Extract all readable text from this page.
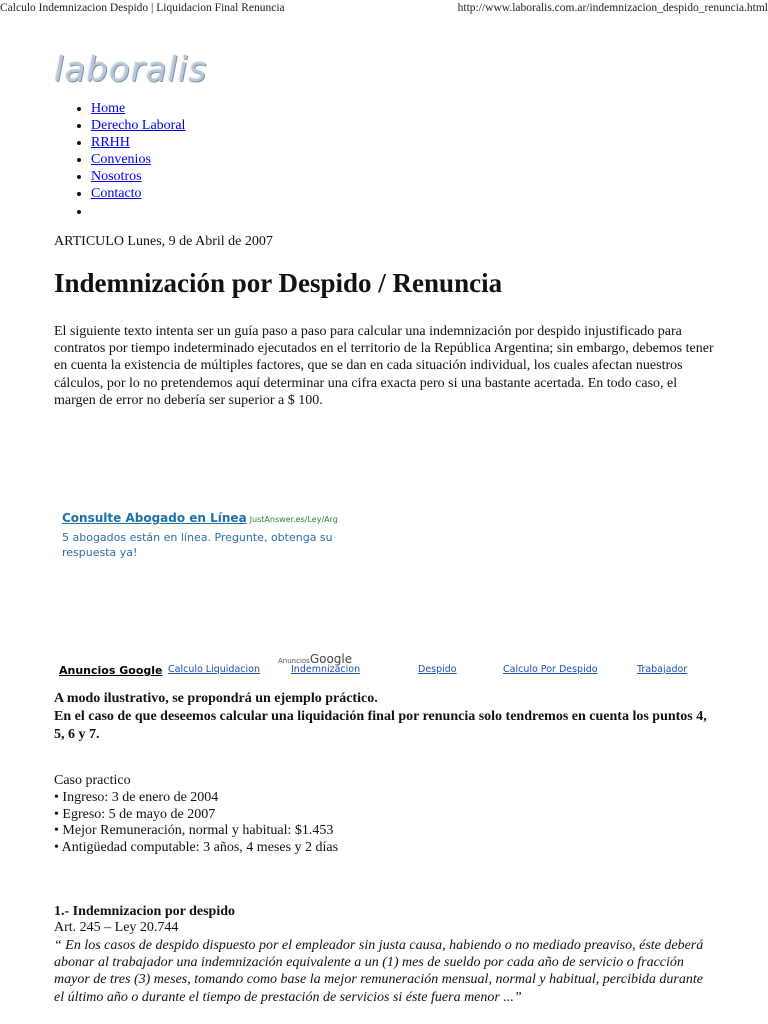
Calculo Indemnizacion Despido | Liquidacion Final Renuncia	http://www.laboralis.com.ar/indemnizacion_despido_renuncia.html
laboralis
• Home
• Derecho Laboral
• RRHH
• Convenios
• Nosotros
• Contacto
•
ARTICULO Lunes, 9 de Abril de 2007
Indemnización por Despido / Renuncia

El siguiente texto intenta ser un guía paso a paso para calcular una indemnización por despido injustificado para contratos por tiempo indeterminado ejecutados en el territorio de la República Argentina; sin embargo, debemos tener en cuenta la existencia de múltiples factores, que se dan en cada situación individual, los cuales afectan nuestros cálculos, por lo no pretendemos aquí determinar una cifra exacta pero si una bastante acertada. En todo caso, el margen de error no debería ser superior a $ 100.

Consulte Abogado en Línea JustAnswer.es/Ley/Arg
5 abogados están en línea. Pregunte, obtenga su respuesta ya!
AnunciosGoogle
Anuncios Google Calculo Liquidacion	Indemnizacion	Despido	Calculo Por Despido	Trabajador
A modo ilustrativo, se propondrá un ejemplo práctico.
En el caso de que deseemos calcular una liquidación final por renuncia solo tendremos en cuenta los puntos 4, 5, 6 y 7.
Caso practico
• Ingreso: 3 de enero de 2004
• Egreso: 5 de mayo de 2007
• Mejor Remuneración, normal y habitual: $1.453
• Antigüedad computable: 3 años, 4 meses y 2 días
1.- Indemnizacion por despido
Art. 245 – Ley 20.744
“ En los casos de despido dispuesto por el empleador sin justa causa, habiendo o no mediado preaviso, éste deberá abonar al trabajador una indemnización equivalente a un (1) mes de sueldo por cada año de servicio o fracción mayor de tres (3) meses, tomando como base la mejor remuneración mensual, normal y habitual, percibida durante el último año o durante el tiempo de prestación de servicios si éste fuera menor ...”
